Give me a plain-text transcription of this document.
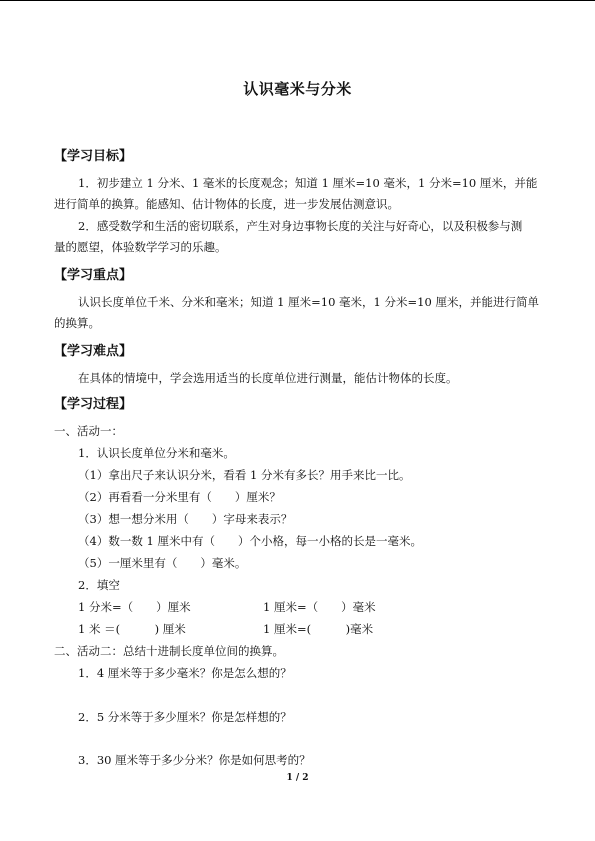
认识毫米与分米
【学习目标】
1．初步建立 1 分米、1 毫米的长度观念；知道 1 厘米=10 毫米，1 分米=10 厘米，并能
进行简单的换算。能感知、估计物体的长度，进一步发展估测意识。
2．感受数学和生活的密切联系，产生对身边事物长度的关注与好奇心，以及积极参与测
量的愿望，体验数学学习的乐趣。
【学习重点】
认识长度单位千米、分米和毫米；知道 1 厘米=10 毫米，1 分米=10 厘米，并能进行简单
的换算。
【学习难点】
在具体的情境中，学会选用适当的长度单位进行测量，能估计物体的长度。
【学习过程】
一、活动一：
1．认识长度单位分米和毫米。
（1）拿出尺子来认识分米，看看 1 分米有多长？用手来比一比。
（2）再看看一分米里有（　　）厘米？
（3）想一想分米用（　　）字母来表示？
（4）数一数 1 厘米中有（　　）个小格，每一小格的长是一毫米。
（5）一厘米里有（　　）毫米。
2．填空
1 分米=（　　）厘米	1 厘米=（　　）毫米
1 米 ＝(　　　) 厘米	1 厘米=(　　　)毫米
二、活动二：总结十进制长度单位间的换算。
1．4 厘米等于多少毫米？你是怎么想的？
2．5 分米等于多少厘米？你是怎样想的？
3．30 厘米等于多少分米？你是如何思考的？
1 / 2
